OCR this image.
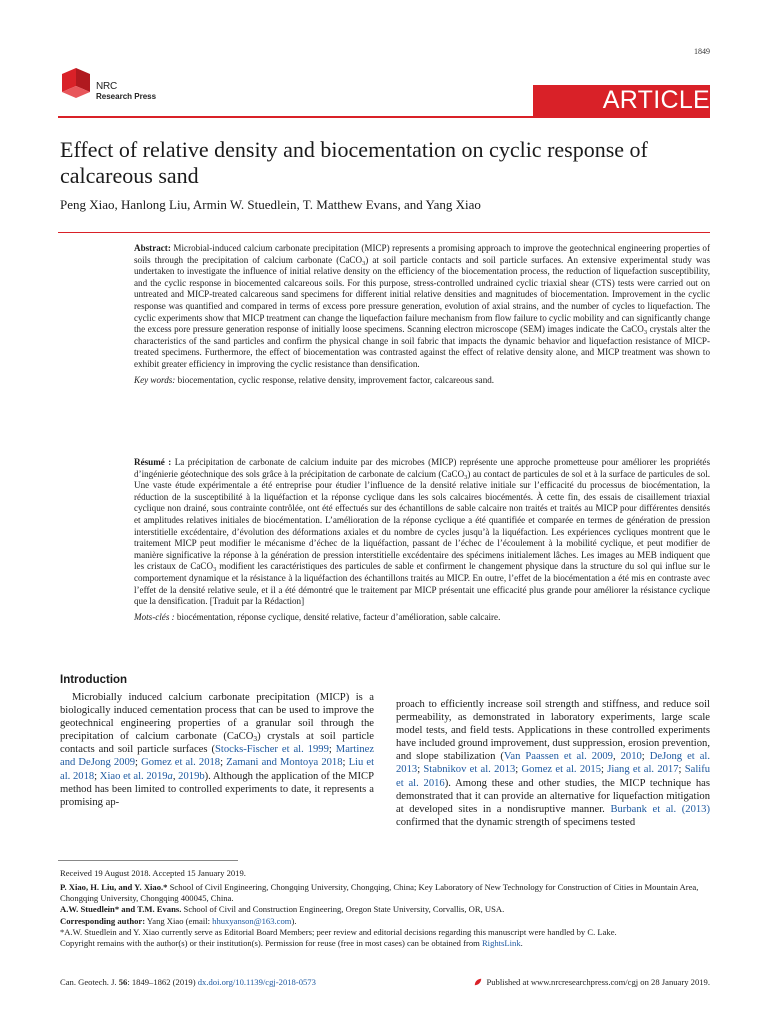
1849
NRC
Research Press	ARTICLE
Effect of relative density and biocementation on cyclic response of calcareous sand
Peng Xiao, Hanlong Liu, Armin W. Stuedlein, T. Matthew Evans, and Yang Xiao

Abstract: Microbial-induced calcium carbonate precipitation (MICP) represents a promising approach to improve the geotechnical engineering properties of soils through the precipitation of calcium carbonate (CaCO$_3$) at soil particle contacts and soil particle surfaces. An extensive experimental study was undertaken to investigate the influence of initial relative density on the efficiency of the biocementation process, the reduction of liquefaction susceptibility, and the cyclic response in biocemented calcareous soils. For this purpose, stress-controlled undrained cyclic triaxial shear (CTS) tests were carried out on untreated and MICP-treated calcareous sand specimens for different initial relative densities and magnitudes of biocementation. Improvement in the cyclic response was quantified and compared in terms of excess pore pressure generation, evolution of axial strains, and the number of cycles to liquefaction. The cyclic experiments show that MICP treatment can change the liquefaction failure mechanism from flow failure to cyclic mobility and can significantly change the excess pore pressure generation response of initially loose specimens. Scanning electron microscope (SEM) images indicate the CaCO$_3$ crystals alter the characteristics of the sand particles and confirm the physical change in soil fabric that impacts the dynamic behavior and liquefaction resistance of MICP-treated specimens. Furthermore, the effect of biocementation was contrasted against the effect of relative density alone, and MICP treatment was shown to exhibit greater efficiency in improving the cyclic resistance than densification.

Key words: biocementation, cyclic response, relative density, improvement factor, calcareous sand.

Résumé : La précipitation de carbonate de calcium induite par des microbes (MICP) représente une approche prometteuse pour améliorer les propriétés d’ingénierie géotechnique des sols grâce à la précipitation de carbonate de calcium (CaCO$_3$) au contact de particules de sol et à la surface de particules de sol. Une vaste étude expérimentale a été entreprise pour étudier l’influence de la densité relative initiale sur l’efficacité du processus de biocémentation, la réduction de la susceptibilité à la liquéfaction et la réponse cyclique dans les sols calcaires biocémentés. À cette fin, des essais de cisaillement triaxial cyclique non drainé, sous contrainte contrôlée, ont été effectués sur des échantillons de sable calcaire non traités et traités au MICP pour différentes densités et amplitudes relatives initiales de biocémentation. L’amélioration de la réponse cyclique a été quantifiée et comparée en termes de génération de pression interstitielle excédentaire, d’évolution des déformations axiales et du nombre de cycles jusqu’à la liquéfaction. Les expériences cycliques montrent que le traitement MICP peut modifier le mécanisme d’échec de la liquéfaction, passant de l’échec de l’écoulement à la mobilité cyclique, et peut modifier de manière significative la réponse à la génération de pression interstitielle excédentaire des spécimens initialement lâches. Les images au MEB indiquent que les cristaux de CaCO$_3$ modifient les caractéristiques des particules de sable et confirment le changement physique dans la structure du sol qui influe sur le comportement dynamique et la résistance à la liquéfaction des échantillons traités au MICP. En outre, l’effet de la biocémentation a été mis en contraste avec l’effet de la densité relative seule, et il a été démontré que le traitement par MICP présentait une efficacité plus grande pour améliorer la résistance cyclique que la densification. [Traduit par la Rédaction]

Mots-clés : biocémentation, réponse cyclique, densité relative, facteur d’amélioration, sable calcaire.

Introduction

Microbially induced calcium carbonate precipitation (MICP) is a biologically induced cementation process that can be used to improve the geotechnical engineering properties of a granular soil through the precipitation of calcium carbonate (CaCO$_3$) crystals at soil particle contacts and soil particle surfaces (Stocks-Fischer et al. 1999; Martinez and DeJong 2009; Gomez et al. 2018; Zamani and Montoya 2018; Liu et al. 2018; Xiao et al. 2019a, 2019b). Although the application of the MICP method has been limited to controlled experiments to date, it represents a promising ap-

proach to efficiently increase soil strength and stiffness, and reduce soil permeability, as demonstrated in laboratory experiments, large scale model tests, and field tests. Applications in these controlled experiments have included ground improvement, dust suppression, erosion prevention, and slope stabilization (Van Paassen et al. 2009, 2010; DeJong et al. 2013; Stabnikov et al. 2013; Gomez et al. 2015; Jiang et al. 2017; Salifu et al. 2016). Among these and other studies, the MICP technique has demonstrated that it can provide an alternative for liquefaction mitigation at developed sites in a nondisruptive manner. Burbank et al. (2013) confirmed that the dynamic strength of specimens tested

Received 19 August 2018. Accepted 15 January 2019.

P. Xiao, H. Liu, and Y. Xiao.* School of Civil Engineering, Chongqing University, Chongqing, China; Key Laboratory of New Technology for Construction of Cities in Mountain Area, Chongqing University, Chongqing 400045, China.

A.W. Stuedlein* and T.M. Evans. School of Civil and Construction Engineering, Oregon State University, Corvallis, OR, USA.

Corresponding author: Yang Xiao (email: hhuxyanson@163.com).

*A.W. Stuedlein and Y. Xiao currently serve as Editorial Board Members; peer review and editorial decisions regarding this manuscript were handled by C. Lake.

Copyright remains with the author(s) or their institution(s). Permission for reuse (free in most cases) can be obtained from RightsLink.

Can. Geotech. J. 56: 1849–1862 (2019) dx.doi.org/10.1139/cgj-2018-0573	Published at www.nrcresearchpress.com/cgj on 28 January 2019.
